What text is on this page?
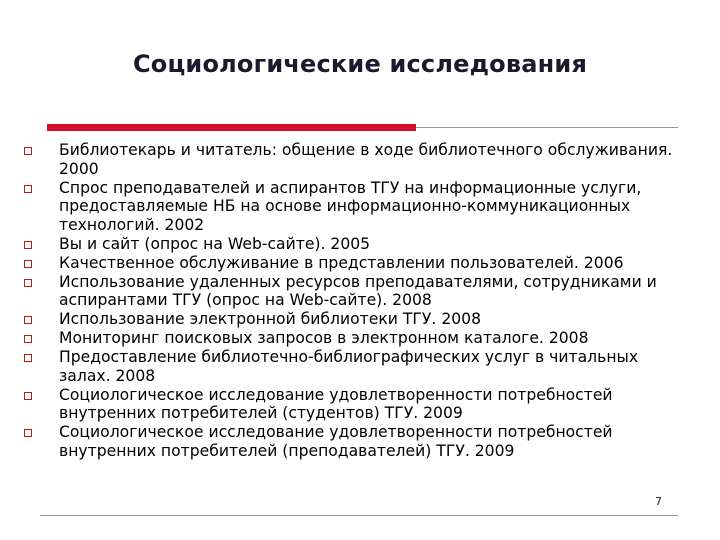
Социологические исследования
Библиотекарь и читатель: общение в ходе библиотечного обслуживания. 2000
Спрос преподавателей и аспирантов ТГУ на информационные услуги, предоставляемые НБ на основе информационно-коммуникационных технологий. 2002
Вы и сайт (опрос на Web-сайте). 2005
Качественное обслуживание в представлении пользователей. 2006
Использование удаленных ресурсов преподавателями, сотрудниками и аспирантами ТГУ (опрос на Web-сайте). 2008
Использование электронной библиотеки ТГУ. 2008
Мониторинг поисковых запросов в электронном каталоге. 2008
Предоставление библиотечно-библиографических услуг в читальных залах. 2008
Социологическое исследование удовлетворенности потребностей внутренних потребителей (студентов) ТГУ. 2009
Социологическое исследование удовлетворенности потребностей внутренних потребителей (преподавателей) ТГУ. 2009
7
